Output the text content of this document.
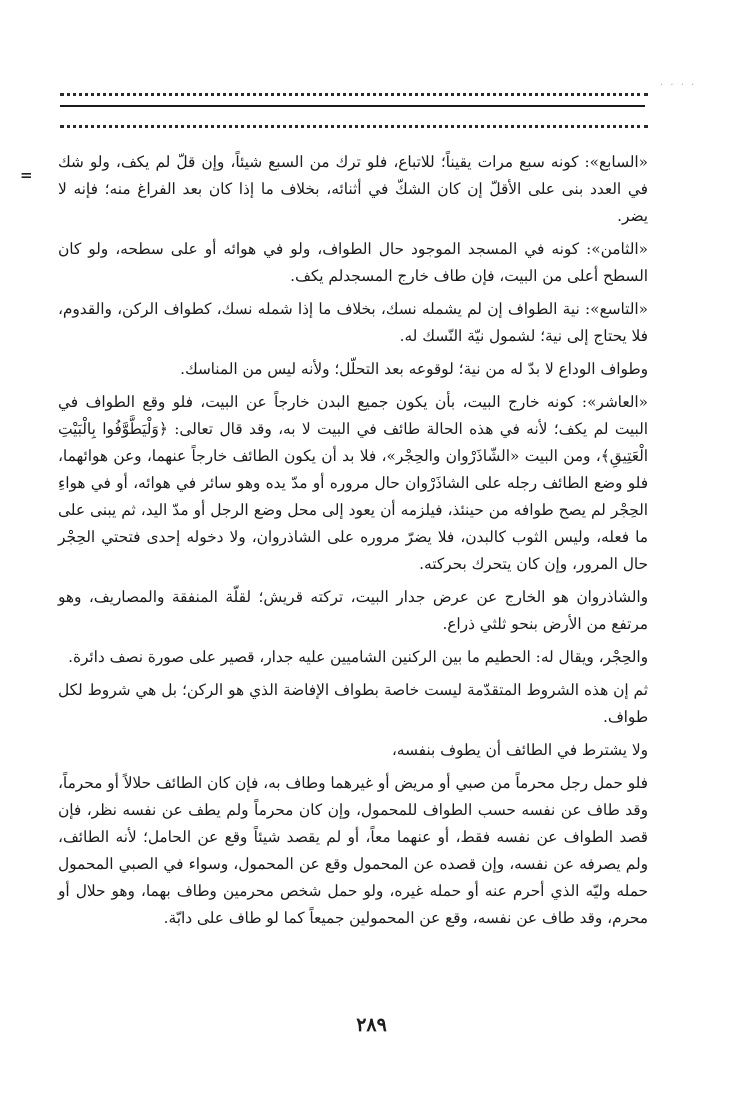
· · · ·
=

«السابع»: كونه سبع مرات يقيناً؛ للاتباع، فلو ترك من السبع شيئاً، وإن قلّ لم يكف، ولو شك في العدد بنى على الأقلّ إن كان الشكّ في أثنائه، بخلاف ما إذا كان بعد الفراغ منه؛ فإنه لا يضر.

«الثامن»: كونه في المسجد الموجود حال الطواف، ولو في هوائه أو على سطحه، ولو كان السطح أعلى من البيت، فإن طاف خارج المسجدلم يكف.

«التاسع»: نية الطواف إن لم يشمله نسك، بخلاف ما إذا شمله نسك، كطواف الركن، والقدوم، فلا يحتاج إلى نية؛ لشمول نيّة النّسك له.

وطواف الوداع لا بدّ له من نية؛ لوقوعه بعد التحلّل؛ ولأنه ليس من المناسك.

«العاشر»: كونه خارج البيت، بأن يكون جميع البدن خارجاً عن البيت، فلو وقع الطواف في البيت لم يكف؛ لأنه في هذه الحالة طائف في البيت لا به، وقد قال تعالى: ﴿وَلْيَطَّوَّفُوا بِالْبَيْتِ الْعَتِيقِ﴾، ومن البيت «الشّاذَرْوان والحِجْر»، فلا بد أن يكون الطائف خارجاً عنهما، وعن هوائهما، فلو وضع الطائف رجله على الشاذَرْوان حال مروره أو مدّ يده وهو سائر في هوائه، أو في هواءِ الحِجْر لم يصح طوافه من حينئذ، فيلزمه أن يعود إلى محل وضع الرجل أو مدّ اليد، ثم يبنى على ما فعله، وليس الثوب كالبدن، فلا يضرّ مروره على الشاذروان، ولا دخوله إحدى فتحتي الحِجْر حال المرور، وإن كان يتحرك بحركته.

والشاذروان هو الخارج عن عرض جدار البيت، تركته قريش؛ لقلّة المنفقة والمصاريف، وهو مرتفع من الأرض بنحو ثلثي ذراع.

والحِجْر، ويقال له: الحطيم ما بين الركنين الشاميين عليه جدار، قصير على صورة نصف دائرة.

ثم إن هذه الشروط المتقدّمة ليست خاصة بطواف الإفاضة الذي هو الركن؛ بل هي شروط لكل طواف.

ولا يشترط في الطائف أن يطوف بنفسه،

فلو حمل رجل محرماً من صبي أو مريض أو غيرهما وطاف به، فإن كان الطائف حلالاً أو محرماً، وقد طاف عن نفسه حسب الطواف للمحمول، وإن كان محرماً ولم يطف عن نفسه نظر، فإن قصد الطواف عن نفسه فقط، أو عنهما معاً، أو لم يقصد شيئاً وقع عن الحامل؛ لأنه الطائف، ولم يصرفه عن نفسه، وإن قصده عن المحمول وقع عن المحمول، وسواء في الصبي المحمول حمله وليّه الذي أحرم عنه أو حمله غيره، ولو حمل شخص محرمين وطاف بهما، وهو حلال أو محرم، وقد طاف عن نفسه، وقع عن المحمولين جميعاً كما لو طاف على دابّة.

٢٨٩
